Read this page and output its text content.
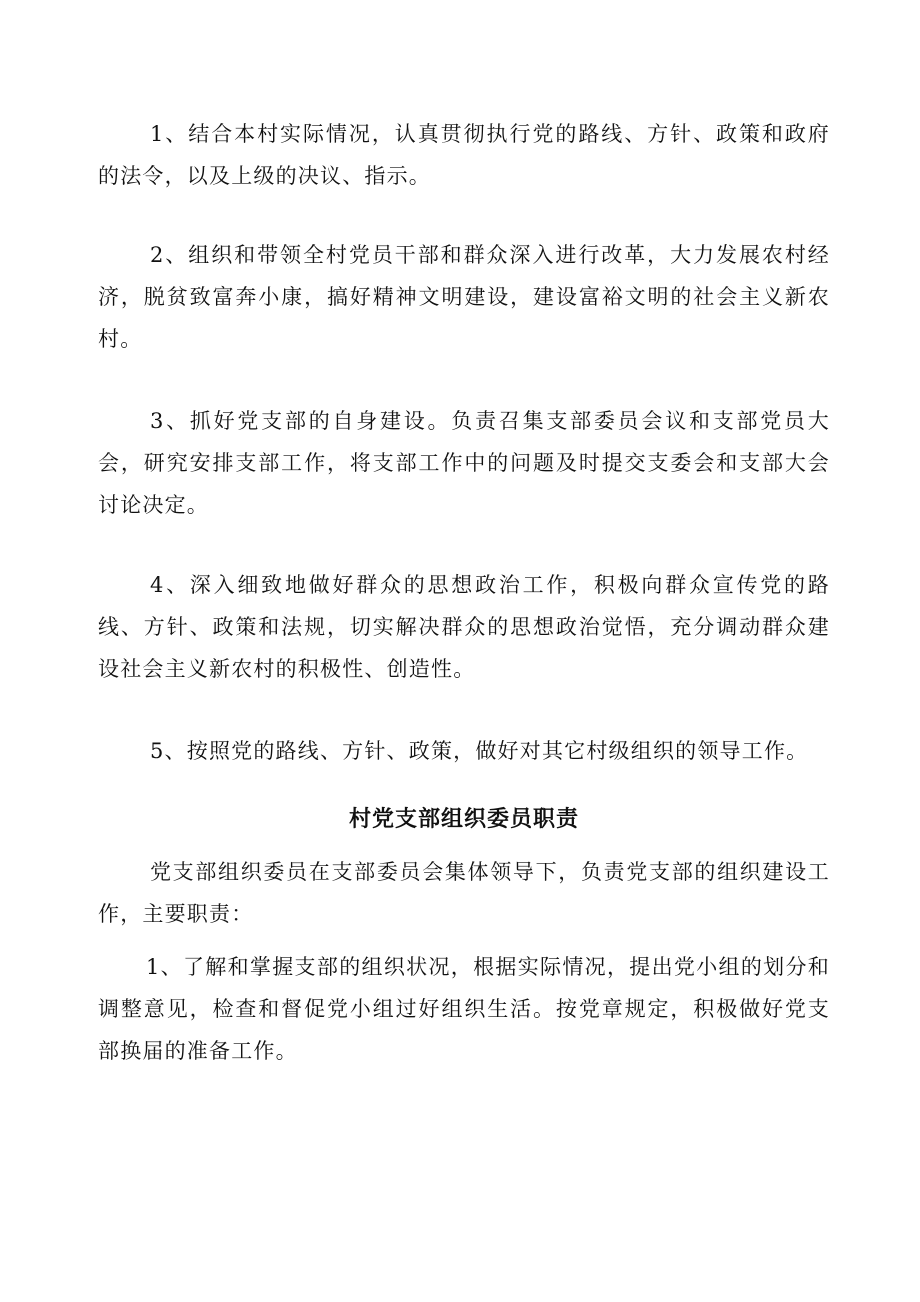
1、结合本村实际情况，认真贯彻执行党的路线、方针、政策和政府的法令，以及上级的决议、指示。

2、组织和带领全村党员干部和群众深入进行改革，大力发展农村经济，脱贫致富奔小康，搞好精神文明建设，建设富裕文明的社会主义新农村。

3、抓好党支部的自身建设。负责召集支部委员会议和支部党员大会，研究安排支部工作，将支部工作中的问题及时提交支委会和支部大会讨论决定。

4、深入细致地做好群众的思想政治工作，积极向群众宣传党的路线、方针、政策和法规，切实解决群众的思想政治觉悟，充分调动群众建设社会主义新农村的积极性、创造性。

5、按照党的路线、方针、政策，做好对其它村级组织的领导工作。

村党支部组织委员职责

党支部组织委员在支部委员会集体领导下，负责党支部的组织建设工作，主要职责：

1、了解和掌握支部的组织状况，根据实际情况，提出党小组的划分和调整意见，检查和督促党小组过好组织生活。按党章规定，积极做好党支部换届的准备工作。
